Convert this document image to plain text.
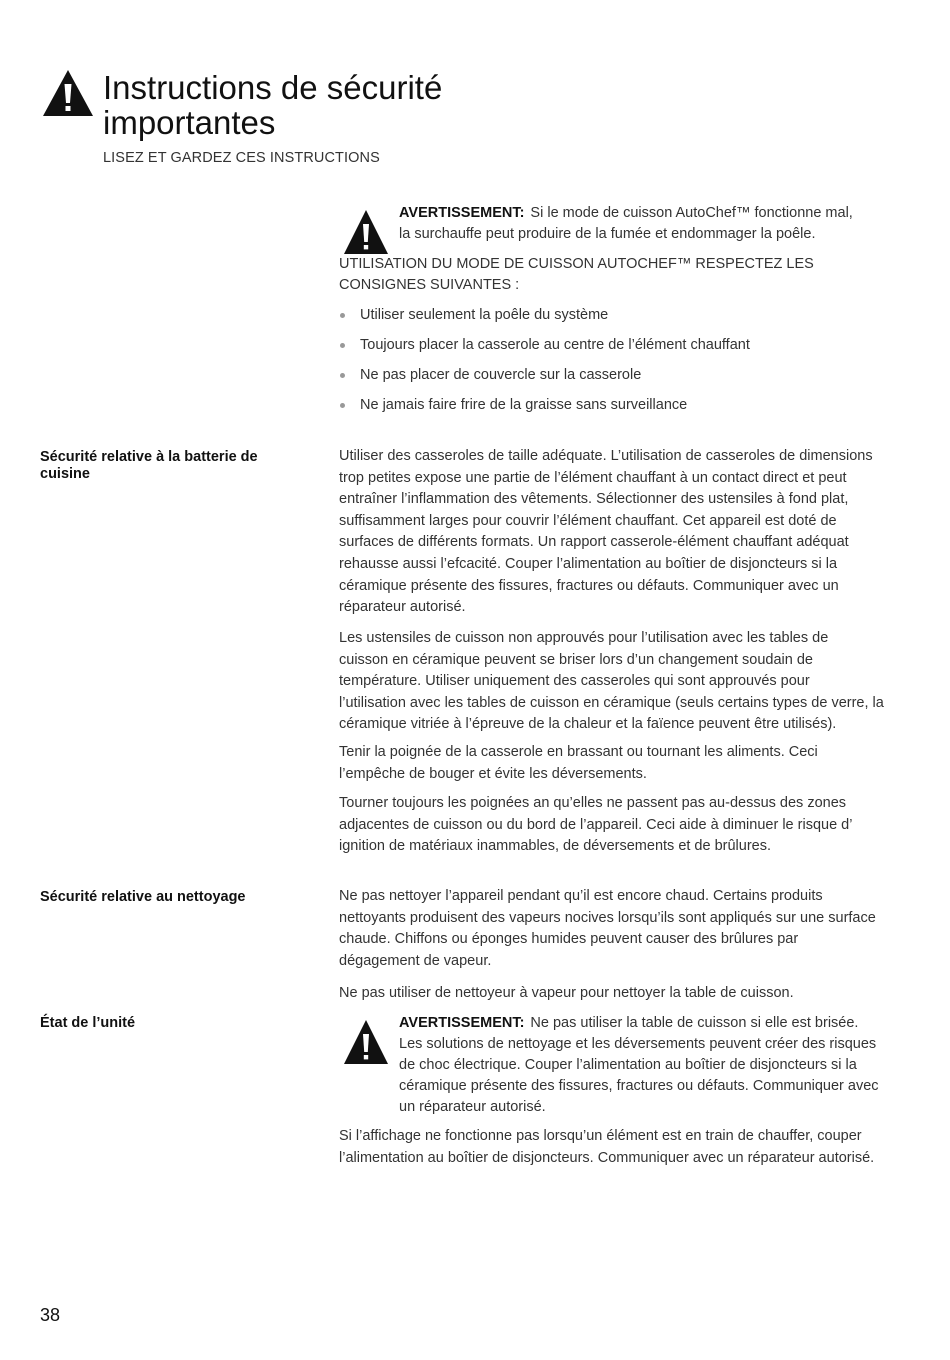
Instructions de sécurité
importantes
LISEZ ET GARDEZ CES INSTRUCTIONS
AVERTISSEMENT: Si le mode de cuisson AutoChef™ fonctionne mal,
la surchauffe peut produire de la fumée et endommager la poêle.
UTILISATION DU MODE DE CUISSON AUTOCHEF™ RESPECTEZ LES
CONSIGNES SUIVANTES :
Utiliser seulement la poêle du système
Toujours placer la casserole au centre de l’élément chauffant
Ne pas placer de couvercle sur la casserole
Ne jamais faire frire de la graisse sans surveillance
Sécurité relative à la batterie de
cuisine

Utiliser des casseroles de taille adéquate. L’utilisation de casseroles de dimensions
trop petites expose une partie de l’élément chauffant à un contact direct et peut
entraîner l’inflammation des vêtements. Sélectionner des ustensiles à fond plat,
suffisamment larges pour couvrir l’élément chauffant. Cet appareil est doté de
surfaces de différents formats. Un rapport casserole-élément chauffant adéquat
rehausse aussi l’efcacité. Couper l’alimentation au boîtier de disjoncteurs si la
céramique présente des fissures, fractures ou défauts. Communiquer avec un
réparateur autorisé.

Les ustensiles de cuisson non approuvés pour l’utilisation avec les tables de
cuisson en céramique peuvent se briser lors d’un changement soudain de
température. Utiliser uniquement des casseroles qui sont approuvés pour
l’utilisation avec les tables de cuisson en céramique (seuls certains types de verre, la
céramique vitriée à l’épreuve de la chaleur et la faïence peuvent être utilisés).

Tenir la poignée de la casserole en brassant ou tournant les aliments. Ceci
l’empêche de bouger et évite les déversements.

Tourner toujours les poignées an qu’elles ne passent pas au-dessus des zones
adjacentes de cuisson ou du bord de l’appareil. Ceci aide à diminuer le risque d’
ignition de matériaux inammables, de déversements et de brûlures.

Sécurité relative au nettoyage	Ne pas nettoyer l’appareil pendant qu’il est encore chaud. Certains produits
nettoyants produisent des vapeurs nocives lorsqu’ils sont appliqués sur une surface
chaude. Chiffons ou éponges humides peuvent causer des brûlures par
dégagement de vapeur.

Ne pas utiliser de nettoyeur à vapeur pour nettoyer la table de cuisson.

État de l’unité	AVERTISSEMENT: Ne pas utiliser la table de cuisson si elle est brisée.
Les solutions de nettoyage et les déversements peuvent créer des risques
de choc électrique. Couper l’alimentation au boîtier de disjoncteurs si la
céramique présente des fissures, fractures ou défauts. Communiquer avec
un réparateur autorisé.

Si l’affichage ne fonctionne pas lorsqu’un élément est en train de chauffer, couper
l’alimentation au boîtier de disjoncteurs. Communiquer avec un réparateur autorisé.

38
